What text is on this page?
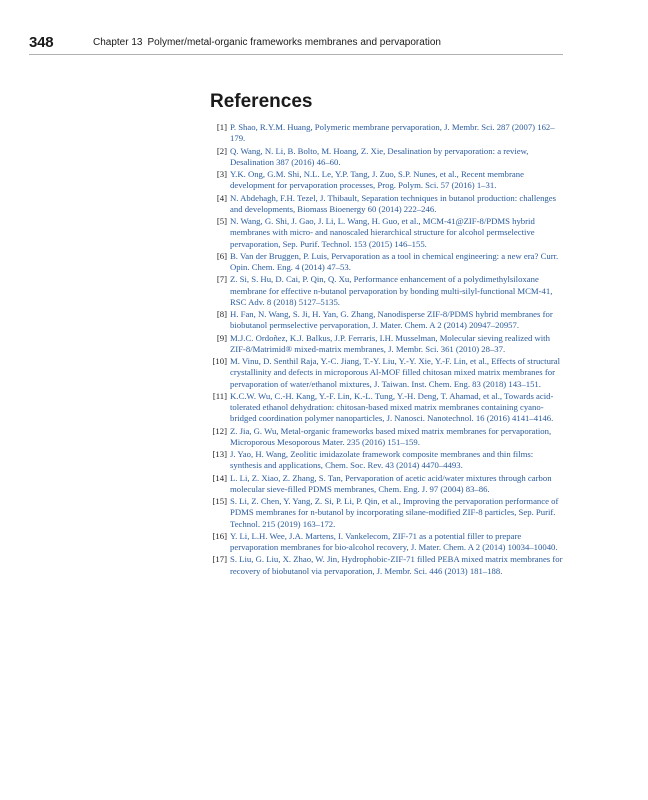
348	Chapter 13 Polymer/metal-organic frameworks membranes and pervaporation
References
[1] P. Shao, R.Y.M. Huang, Polymeric membrane pervaporation, J. Membr. Sci. 287 (2007) 162–179.
[2] Q. Wang, N. Li, B. Bolto, M. Hoang, Z. Xie, Desalination by pervaporation: a review, Desalination 387 (2016) 46–60.
[3] Y.K. Ong, G.M. Shi, N.L. Le, Y.P. Tang, J. Zuo, S.P. Nunes, et al., Recent membrane development for pervaporation processes, Prog. Polym. Sci. 57 (2016) 1–31.
[4] N. Abdehagh, F.H. Tezel, J. Thibault, Separation techniques in butanol production: challenges and developments, Biomass Bioenergy 60 (2014) 222–246.
[5] N. Wang, G. Shi, J. Gao, J. Li, L. Wang, H. Guo, et al., MCM-41@ZIF-8/PDMS hybrid membranes with micro- and nanoscaled hierarchical structure for alcohol permselective pervaporation, Sep. Purif. Technol. 153 (2015) 146–155.
[6] B. Van der Bruggen, P. Luis, Pervaporation as a tool in chemical engineering: a new era? Curr. Opin. Chem. Eng. 4 (2014) 47–53.
[7] Z. Si, S. Hu, D. Cai, P. Qin, Q. Xu, Performance enhancement of a polydimethylsiloxane membrane for effective n-butanol pervaporation by bonding multi-silyl-functional MCM-41, RSC Adv. 8 (2018) 5127–5135.
[8] H. Fan, N. Wang, S. Ji, H. Yan, G. Zhang, Nanodisperse ZIF-8/PDMS hybrid membranes for biobutanol permselective pervaporation, J. Mater. Chem. A 2 (2014) 20947–20957.
[9] M.J.C. Ordoñez, K.J. Balkus, J.P. Ferraris, I.H. Musselman, Molecular sieving realized with ZIF-8/Matrimid® mixed-matrix membranes, J. Membr. Sci. 361 (2010) 28–37.
[10] M. Vinu, D. Senthil Raja, Y.-C. Jiang, T.-Y. Liu, Y.-Y. Xie, Y.-F. Lin, et al., Effects of structural crystallinity and defects in microporous Al-MOF filled chitosan mixed matrix membranes for pervaporation of water/ethanol mixtures, J. Taiwan. Inst. Chem. Eng. 83 (2018) 143–151.
[11] K.C.W. Wu, C.-H. Kang, Y.-F. Lin, K.-L. Tung, Y.-H. Deng, T. Ahamad, et al., Towards acid-tolerated ethanol dehydration: chitosan-based mixed matrix membranes containing cyano-bridged coordination polymer nanoparticles, J. Nanosci. Nanotechnol. 16 (2016) 4141–4146.
[12] Z. Jia, G. Wu, Metal-organic frameworks based mixed matrix membranes for pervaporation, Microporous Mesoporous Mater. 235 (2016) 151–159.
[13] J. Yao, H. Wang, Zeolitic imidazolate framework composite membranes and thin films: synthesis and applications, Chem. Soc. Rev. 43 (2014) 4470–4493.
[14] L. Li, Z. Xiao, Z. Zhang, S. Tan, Pervaporation of acetic acid/water mixtures through carbon molecular sieve-filled PDMS membranes, Chem. Eng. J. 97 (2004) 83–86.
[15] S. Li, Z. Chen, Y. Yang, Z. Si, P. Li, P. Qin, et al., Improving the pervaporation performance of PDMS membranes for n-butanol by incorporating silane-modified ZIF-8 particles, Sep. Purif. Technol. 215 (2019) 163–172.
[16] Y. Li, L.H. Wee, J.A. Martens, I. Vankelecom, ZIF-71 as a potential filler to prepare pervaporation membranes for bio-alcohol recovery, J. Mater. Chem. A 2 (2014) 10034–10040.
[17] S. Liu, G. Liu, X. Zhao, W. Jin, Hydrophobic-ZIF-71 filled PEBA mixed matrix membranes for recovery of biobutanol via pervaporation, J. Membr. Sci. 446 (2013) 181–188.
